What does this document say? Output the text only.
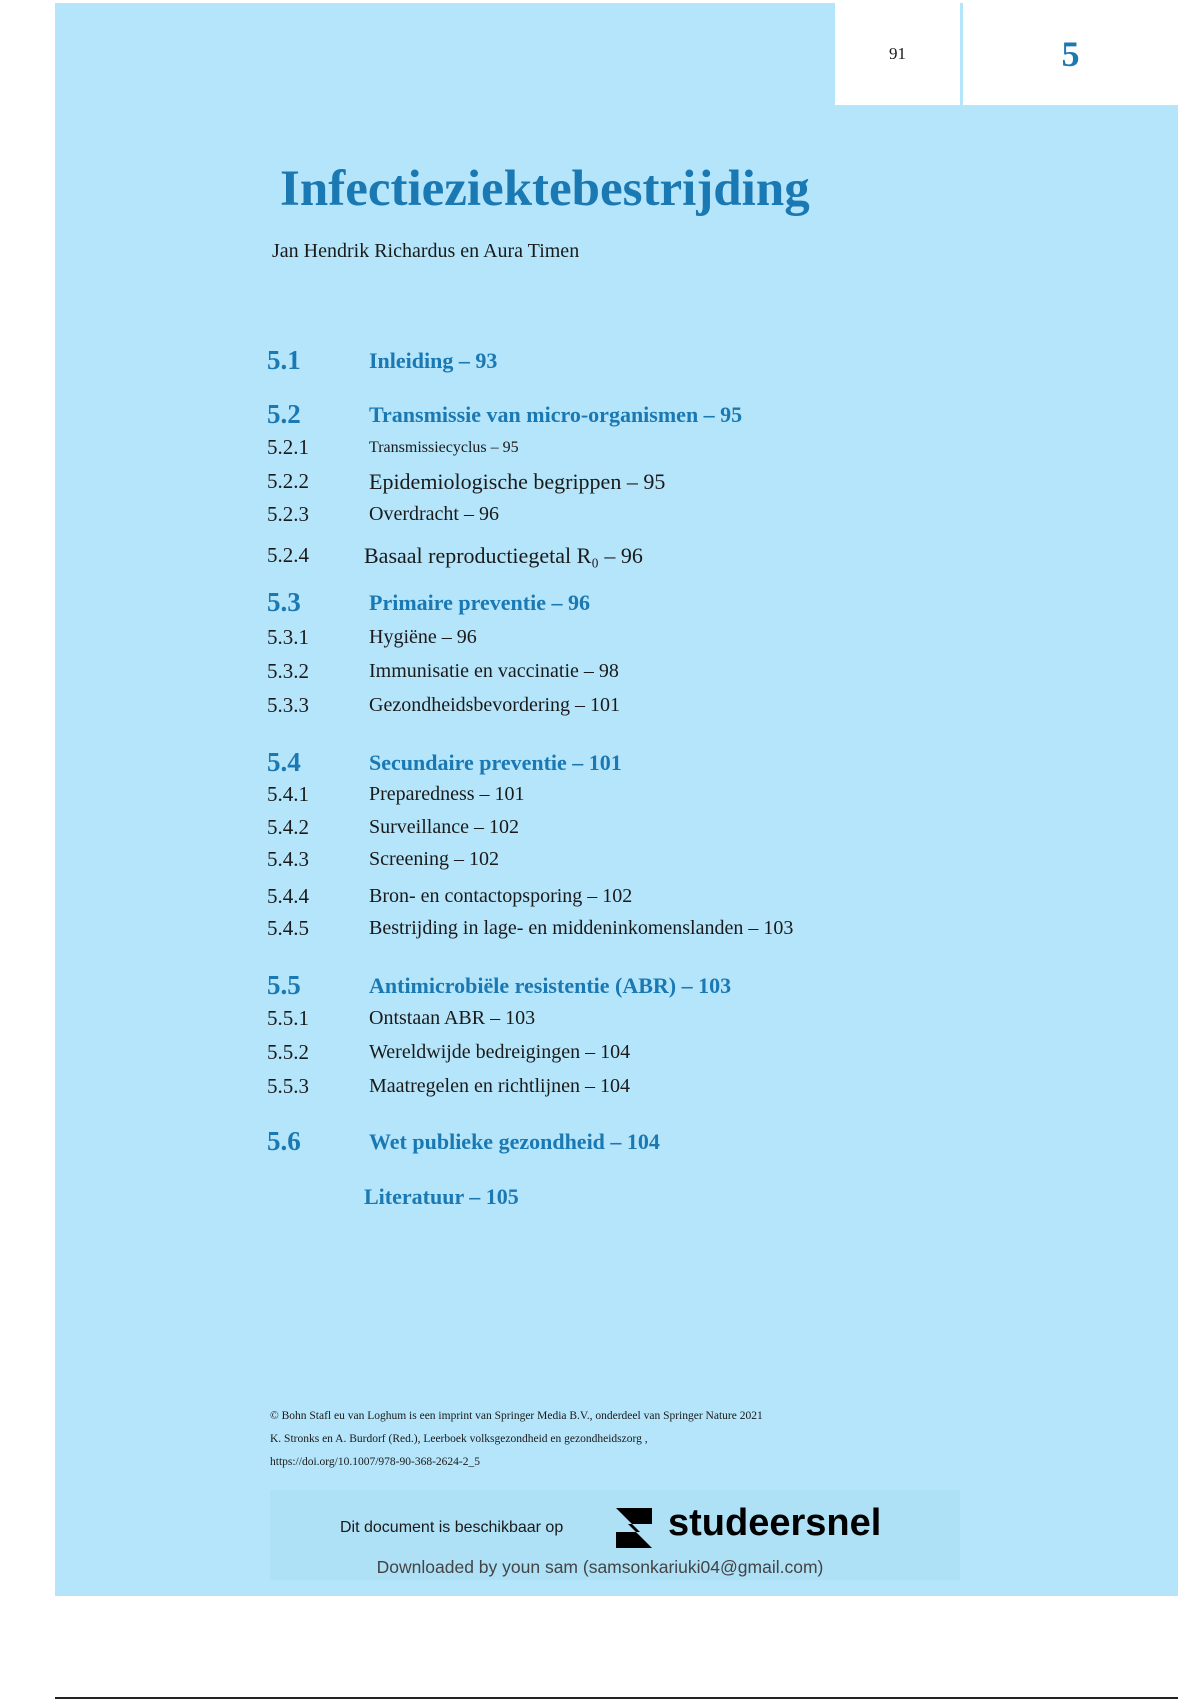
91	5
Infectieziektebestrijding
Jan Hendrik Richardus en Aura Timen
5.1	Inleiding – 93
5.2	Transmissie van micro-organismen – 95
5.2.1	Transmissiecyclus – 95
5.2.2	Epidemiologische begrippen – 95
5.2.3	Overdracht – 96
5.2.4	Basaal reproductiegetal R₀ – 96
5.3	Primaire preventie – 96
5.3.1	Hygiëne – 96
5.3.2	Immunisatie en vaccinatie – 98
5.3.3	Gezondheidsbevordering – 101
5.4	Secundaire preventie – 101
5.4.1	Preparedness – 101
5.4.2	Surveillance – 102
5.4.3	Screening – 102
5.4.4	Bron- en contactopsporing – 102
5.4.5	Bestrijding in lage- en middeninkomenslanden – 103
5.5	Antimicrobiële resistentie (ABR) – 103
5.5.1	Ontstaan ABR – 103
5.5.2	Wereldwijde bedreigingen – 104
5.5.3	Maatregelen en richtlijnen – 104
5.6	Wet publieke gezondheid – 104
Literatuur – 105
© Bohn Stafl eu van Loghum is een imprint van Springer Media B.V., onderdeel van Springer Nature 2021
K. Stronks en A. Burdorf (Red.), Leerboek volksgezondheid en gezondheidszorg ,
https://doi.org/10.1007/978-90-368-2624-2_5
Dit document is beschikbaar op	studeersnel
Downloaded by youn sam (samsonkariuki04@gmail.com)
